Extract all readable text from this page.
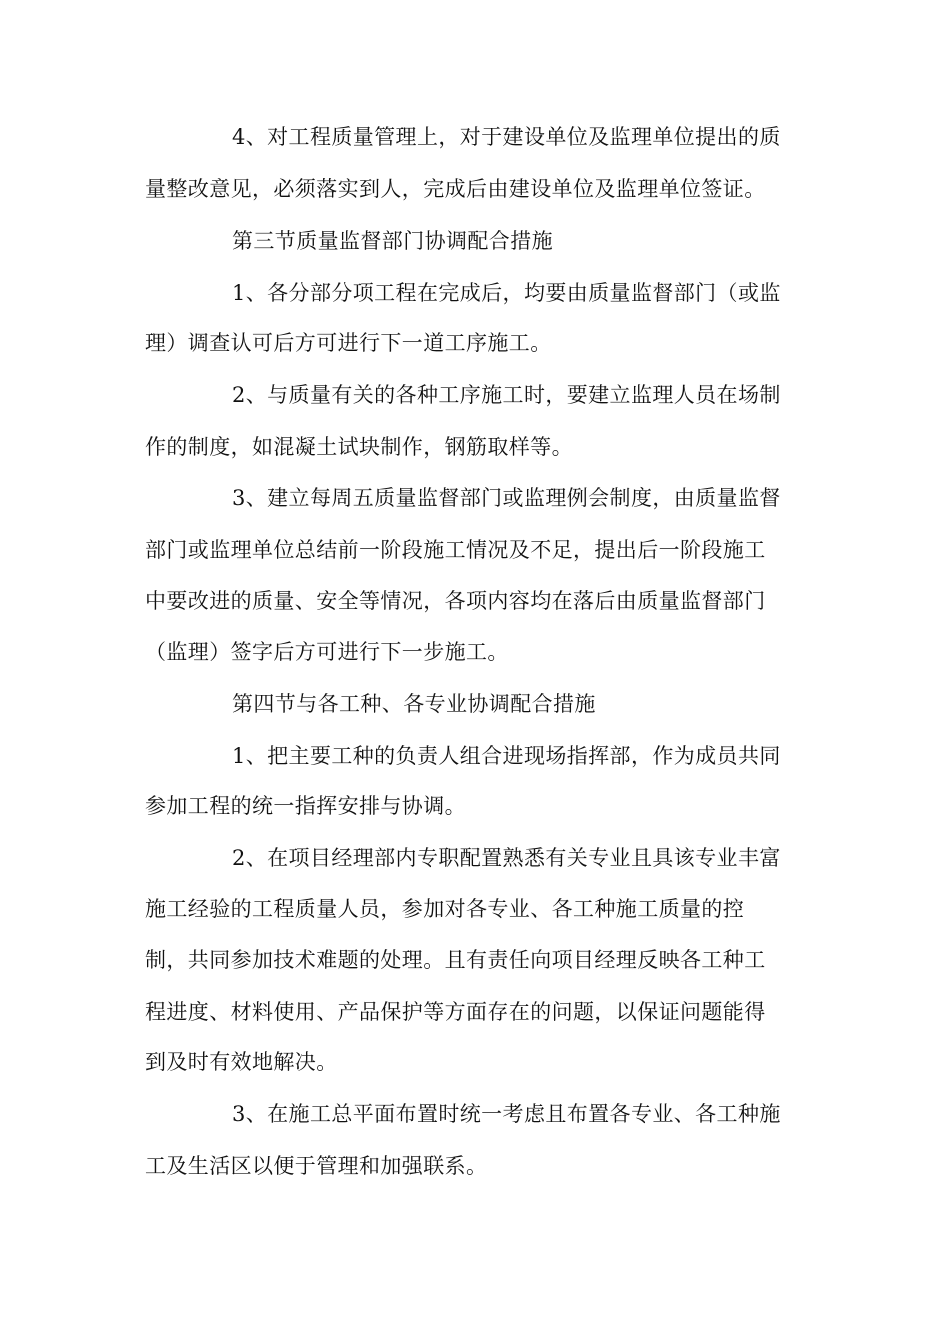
4、对工程质量管理上，对于建设单位及监理单位提出的质
量整改意见，必须落实到人，完成后由建设单位及监理单位签证。
第三节质量监督部门协调配合措施
1、各分部分项工程在完成后，均要由质量监督部门（或监
理）调查认可后方可进行下一道工序施工。
2、与质量有关的各种工序施工时，要建立监理人员在场制
作的制度，如混凝土试块制作，钢筋取样等。
3、建立每周五质量监督部门或监理例会制度，由质量监督
部门或监理单位总结前一阶段施工情况及不足，提出后一阶段施工
中要改进的质量、安全等情况，各项内容均在落后由质量监督部门
（监理）签字后方可进行下一步施工。
第四节与各工种、各专业协调配合措施
1、把主要工种的负责人组合进现场指挥部，作为成员共同
参加工程的统一指挥安排与协调。
2、在项目经理部内专职配置熟悉有关专业且具该专业丰富
施工经验的工程质量人员，参加对各专业、各工种施工质量的控
制，共同参加技术难题的处理。且有责任向项目经理反映各工种工
程进度、材料使用、产品保护等方面存在的问题，以保证问题能得
到及时有效地解决。
3、在施工总平面布置时统一考虑且布置各专业、各工种施
工及生活区以便于管理和加强联系。
